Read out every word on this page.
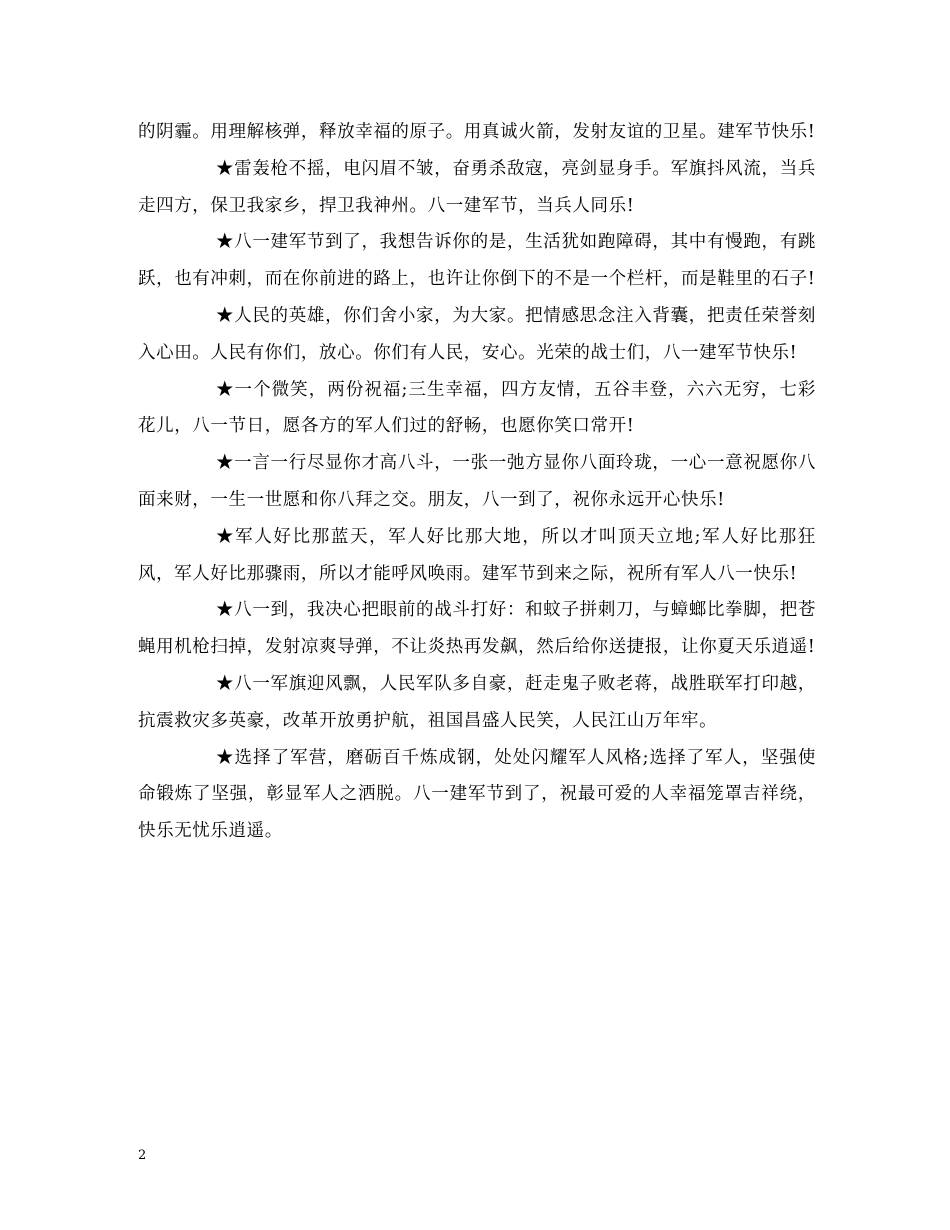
的阴霾。用理解核弹，释放幸福的原子。用真诚火箭，发射友谊的卫星。建军节快乐!

★雷轰枪不摇，电闪眉不皱，奋勇杀敌寇，亮剑显身手。军旗抖风流，当兵走四方，保卫我家乡，捍卫我神州。八一建军节，当兵人同乐!

★八一建军节到了，我想告诉你的是，生活犹如跑障碍，其中有慢跑，有跳跃，也有冲刺，而在你前进的路上，也许让你倒下的不是一个栏杆，而是鞋里的石子!

★人民的英雄，你们舍小家，为大家。把情感思念注入背囊，把责任荣誉刻入心田。人民有你们，放心。你们有人民，安心。光荣的战士们，八一建军节快乐!

★一个微笑，两份祝福;三生幸福，四方友情，五谷丰登，六六无穷，七彩花儿，八一节日，愿各方的军人们过的舒畅，也愿你笑口常开!

★一言一行尽显你才高八斗，一张一弛方显你八面玲珑，一心一意祝愿你八面来财，一生一世愿和你八拜之交。朋友，八一到了，祝你永远开心快乐!

★军人好比那蓝天，军人好比那大地，所以才叫顶天立地;军人好比那狂风，军人好比那骤雨，所以才能呼风唤雨。建军节到来之际，祝所有军人八一快乐!

★八一到，我决心把眼前的战斗打好：和蚊子拼刺刀，与蟑螂比拳脚，把苍蝇用机枪扫掉，发射凉爽导弹，不让炎热再发飙，然后给你送捷报，让你夏天乐逍遥!

★八一军旗迎风飘，人民军队多自豪，赶走鬼子败老蒋，战胜联军打印越，抗震救灾多英豪，改革开放勇护航，祖国昌盛人民笑，人民江山万年牢。

★选择了军营，磨砺百千炼成钢，处处闪耀军人风格;选择了军人，坚强使命锻炼了坚强，彰显军人之洒脱。八一建军节到了，祝最可爱的人幸福笼罩吉祥绕，快乐无忧乐逍遥。

2
